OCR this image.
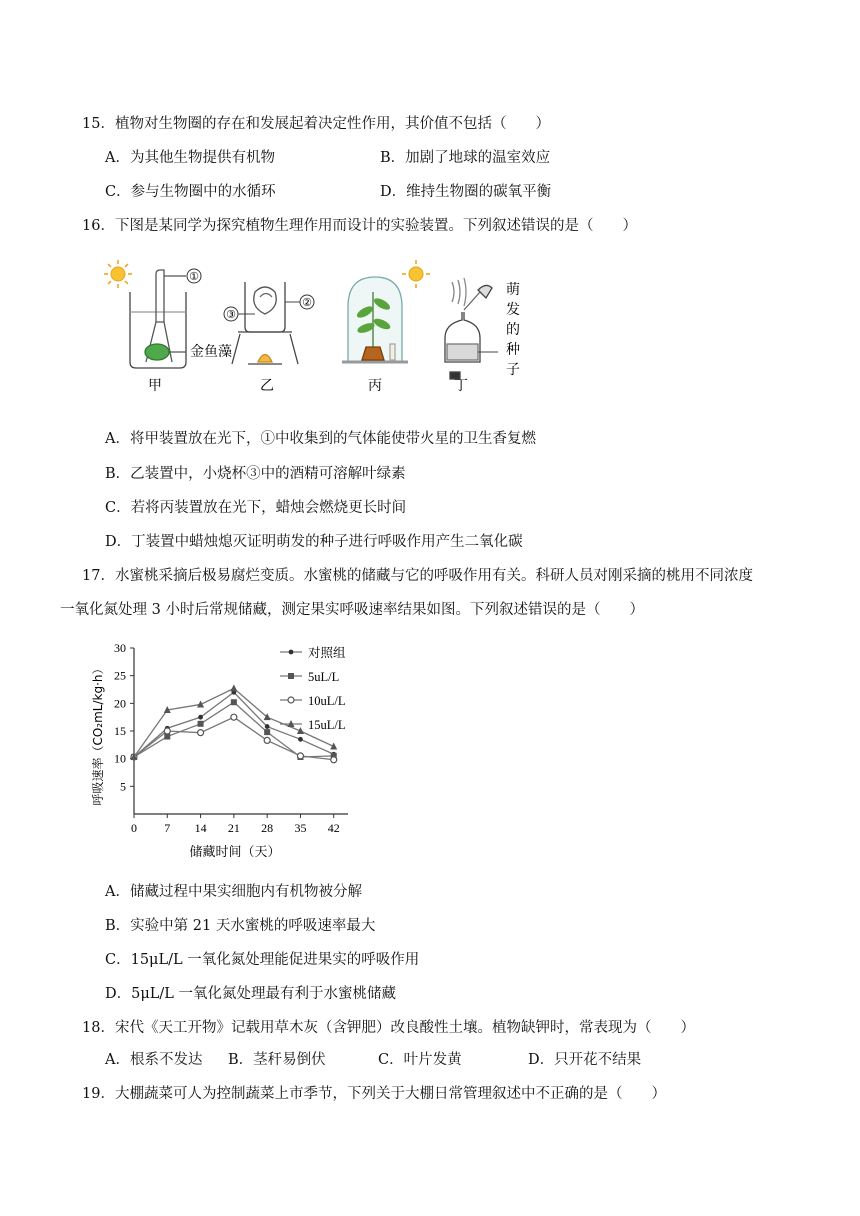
15．植物对生物圈的存在和发展起着决定性作用，其价值不包括（　　）
A．为其他生物提供有机物	B．加剧了地球的温室效应
C．参与生物圈中的水循环	D．维持生物圈的碳氧平衡
16．下图是某同学为探究植物生理作用而设计的实验装置。下列叙述错误的是（　　）
①
金鱼藻
甲
③
②
乙	丙	丁
萌
发
的
种
子
A．将甲装置放在光下，①中收集到的气体能使带火星的卫生香复燃
B．乙装置中，小烧杯③中的酒精可溶解叶绿素
C．若将丙装置放在光下，蜡烛会燃烧更长时间
D．丁装置中蜡烛熄灭证明萌发的种子进行呼吸作用产生二氧化碳
17．水蜜桃采摘后极易腐烂变质。水蜜桃的储藏与它的呼吸作用有关。科研人员对刚采摘的桃用不同浓度
一氧化氮处理 3 小时后常规储藏，测定果实呼吸速率结果如图。下列叙述错误的是（　　）
5
10
15
20
25
30
0 7 14 21 28 35 42
对照组
5uL/L
10uL/L
15uL/L
储藏时间（天）
呼吸速率（CO₂mL/kg·h）
A．储藏过程中果实细胞内有机物被分解
B．实验中第 21 天水蜜桃的呼吸速率最大
C．15μL/L 一氧化氮处理能促进果实的呼吸作用
D．5μL/L 一氧化氮处理最有利于水蜜桃储藏
18．宋代《天工开物》记载用草木灰（含钾肥）改良酸性土壤。植物缺钾时，常表现为（　　）
A．根系不发达 B．茎秆易倒伏	C．叶片发黄	D．只开花不结果
19．大棚蔬菜可人为控制蔬菜上市季节，下列关于大棚日常管理叙述中不正确的是（　　）
